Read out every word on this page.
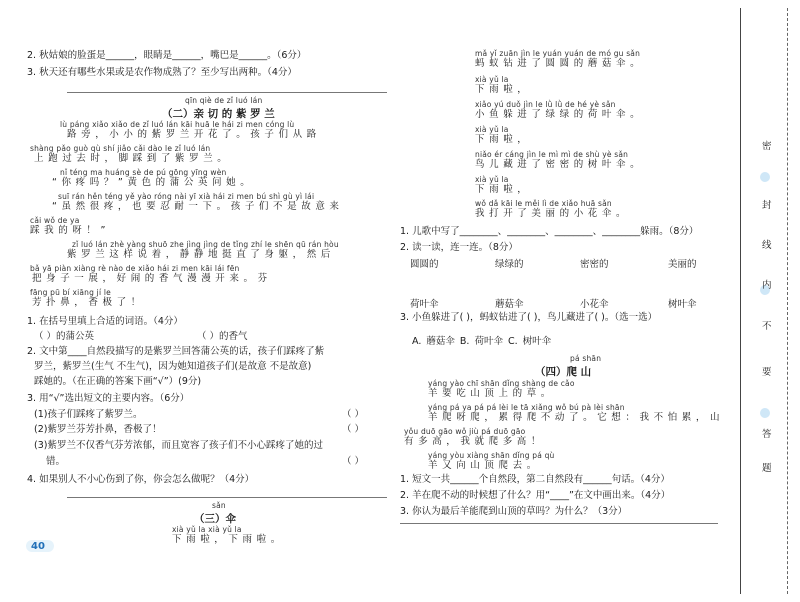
2. 秋姑娘的脸蛋是______，眼睛是______，嘴巴是______。（6分）
3. 秋天还有哪些水果或是农作物成熟了？至少写出两种。（4分）
qīn qiè de zǐ luó lán
（二）亲 切 的 紫 罗 兰
lù páng xiǎo xiǎo de zǐ luó lán kāi huā le hái zi men cóng lù
路旁，小小的紫罗兰开花了。孩子们从路
shàng pǎo guò qù shí jiǎo cǎi dào le zǐ luó lán
上跑过去时，脚踩到了紫罗兰。
nǐ téng ma huáng sè de pú gōng yīng wèn
“你疼吗？”黄色的蒲公英问她。
suī rán hěn téng yě yào róng nài yī xià hái zi men bú shì gù yì lái
“虽然很疼，也要忍耐一下。孩子们不是故意来
cǎi wǒ de ya
踩我的呀！”
zǐ luó lán zhè yàng shuō zhe jìng jìng de tǐng zhí le shēn qū rán hòu
紫罗兰这样说着，静静地挺直了身躯，然后
bǎ yā piàn xiàng rè nào de xiǎo hái zi men kāi lái fēn
把身子一展，好闹的香气漫漫开来。芬
fāng pū bí xiāng jí le
芳扑鼻，香极了！
1. 在括号里填上合适的词语。（4分）
（ ）的蒲公英	（ ）的香气
2. 文中第____自然段描写的是紫罗兰回答蒲公英的话，孩子们踩疼了紫
罗兰，紫罗兰(生气 不生气)，因为她知道孩子们(是故意 不是故意)
踩她的。（在正确的答案下画“√”）(9分)
3. 用“√”选出短文的主要内容。（6分）
(1)孩子们踩疼了紫罗兰。	（ ）
(2)紫罗兰芬芳扑鼻，香极了！	（ ）
(3)紫罗兰不仅香气芬芳浓郁，而且宽容了孩子们不小心踩疼了她的过
错。	（ ）
4. 如果别人不小心伤到了你，你会怎么做呢？（4分）
sǎn
（三）伞
xià yǔ la xià yǔ la
下雨啦，下雨啦。
40
mǎ yǐ zuān jìn le yuán yuán de mó gu sǎn
蚂蚁钻进了圆圆的蘑菇伞。
xià yǔ la
下雨啦，
xiǎo yú duǒ jìn le lǜ lǜ de hé yè sǎn
小鱼躲进了绿绿的荷叶伞。
xià yǔ la
下雨啦，
niǎo ér cáng jìn le mì mì de shù yè sǎn
鸟儿藏进了密密的树叶伞。
xià yǔ la
下雨啦，
wǒ dǎ kāi le měi lì de xiǎo huā sǎn
我打开了美丽的小花伞。
1. 儿歌中写了________、________、________、________躲雨。（8分）
2. 读一读，连一连。（8分）
圆圆的	绿绿的	密密的	美丽的
荷叶伞	蘑菇伞	小花伞	树叶伞
3. 小鱼躲进了( )，蚂蚁钻进了( )，鸟儿藏进了( )。（选一选）
A. 蘑菇伞 B. 荷叶伞 C. 树叶伞
pá shān
（四）爬 山
yáng yào chī shān dǐng shàng de cǎo
羊要吃山顶上的草。
yáng pá ya pá pá lèi le tā xiǎng wǒ bú pà lèi shān
羊爬呀爬，累得爬不动了。它想：我不怕累，山
yǒu duō gāo wǒ jiù pá duō gāo
有多高，我就爬多高！
yáng yòu xiàng shān dǐng pá qù
羊又向山顶爬去。
1. 短文一共______个自然段，第二自然段有______句话。（4分）
2. 羊在爬不动的时候想了什么？用“____”在文中画出来。（4分）
3. 你认为最后羊能爬到山顶的草吗？为什么？（3分）
密
封
线
内
不
要
答
题
